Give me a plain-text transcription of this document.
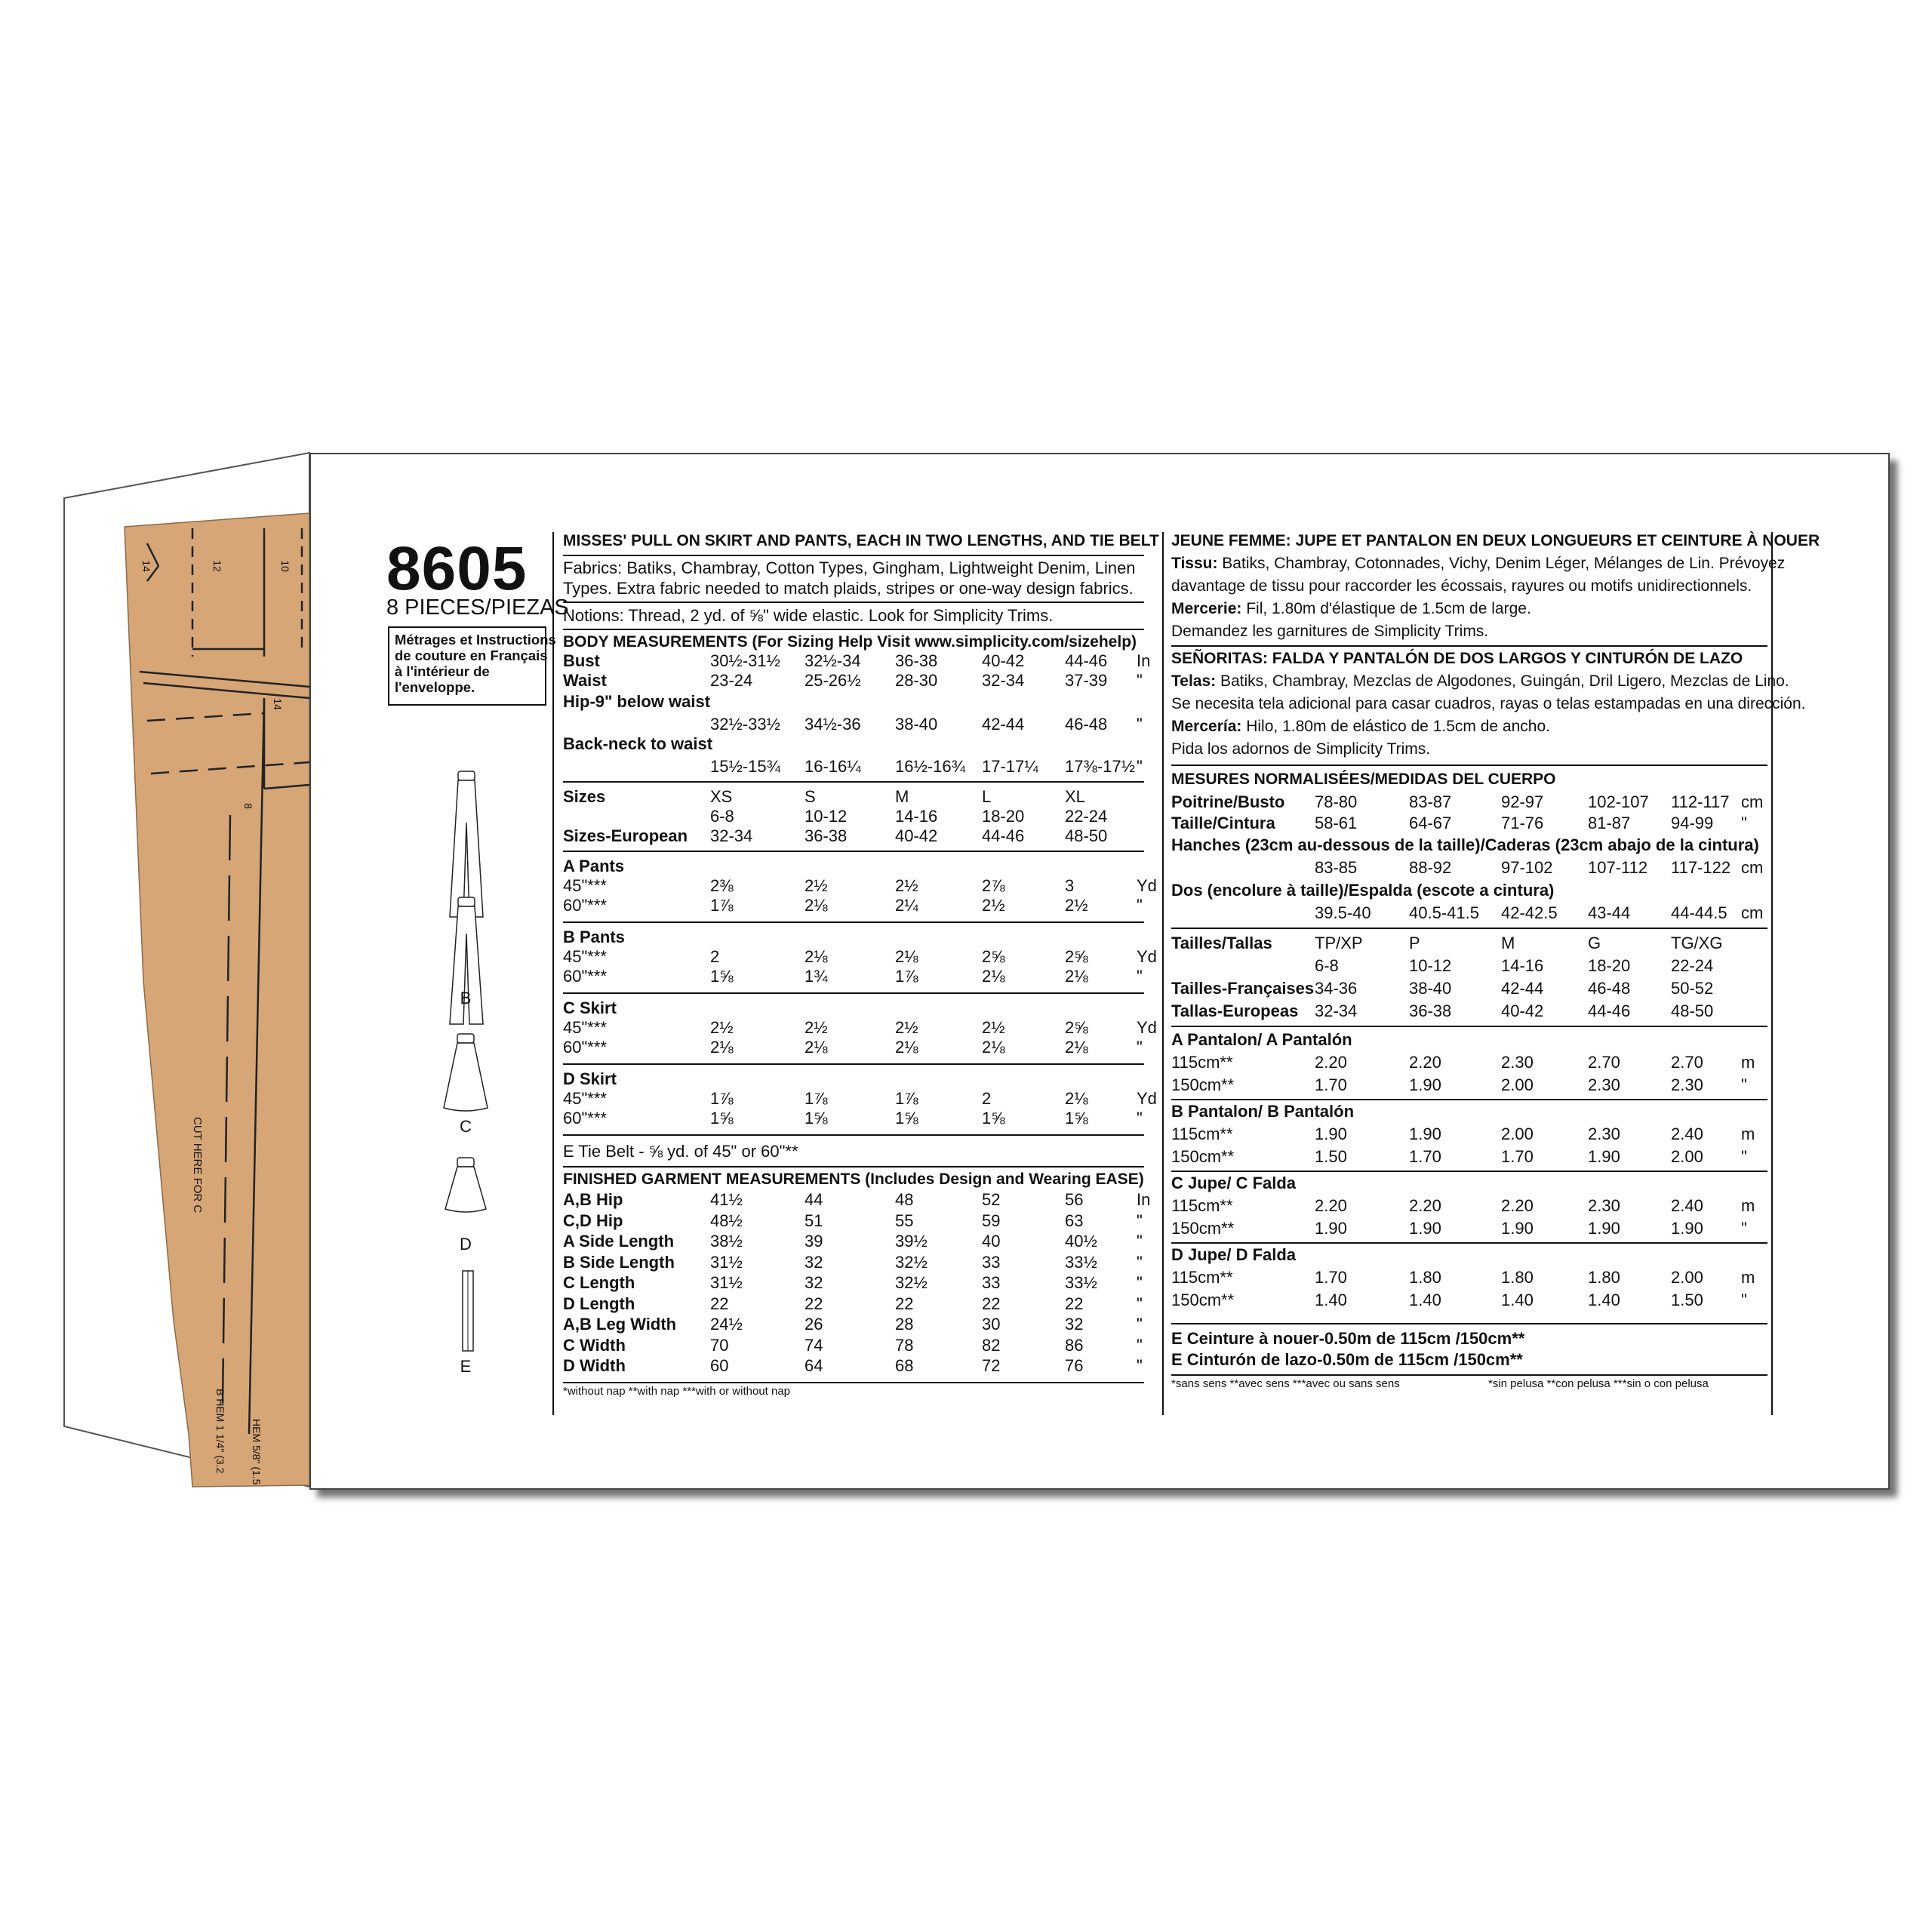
14	12	10
14
8
CUT HERE FOR C
B HEM 1 1/4" (3.2 HEM 5/8" (1.5
8605
8 PIECES/PIEZAS
Métrages et Instructions
de couture en Français
à l'intérieur de
l'enveloppe.
B
C
D
E
MISSES' PULL ON SKIRT AND PANTS, EACH IN TWO LENGTHS, AND TIE BELT
Fabrics: Batiks, Chambray, Cotton Types, Gingham, Lightweight Denim, Linen
Types. Extra fabric needed to match plaids, stripes or one-way design fabrics.
Notions: Thread, 2 yd. of ⅝" wide elastic. Look for Simplicity Trims.
BODY MEASUREMENTS (For Sizing Help Visit www.simplicity.com/sizehelp)
Bust	30½-31½ 32½-34 36-38	40-42 44-46 In
Waist	23-24	25-26½ 28-30	32-34 37-39 "
Hip-9" below waist
32½-33½ 34½-36 38-40	42-44 46-48 "
Back-neck to waist
15½-15¾ 16-16¼ 16½-16¾ 17-17¼ 17⅜-17½ "
Sizes	XS	S	M	L	XL
6-8	10-12	14-16	18-20 22-24
Sizes-European 32-34	36-38	40-42	44-46 48-50
A Pants
45"***	2⅜	2½	2½	2⅞	3	Yd
60"***	1⅞	2⅛	2¼	2½	2½	"
B Pants
45"***	2	2⅛	2⅛	2⅝	2⅝	Yd
60"***	1⅝	1¾	1⅞	2⅛	2⅛	"
C Skirt
45"***	2½	2½	2½	2½	2⅝	Yd
60"***	2⅛	2⅛	2⅛	2⅛	2⅛	"
D Skirt
45"***	1⅞	1⅞	1⅞	2	2⅛	Yd
60"***	1⅝	1⅝	1⅝	1⅝	1⅝	"
E Tie Belt - ⅝ yd. of 45" or 60"**
FINISHED GARMENT MEASUREMENTS (Includes Design and Wearing EASE)
A,B Hip	41½	44	48	52	56	In
C,D Hip	48½	51	55	59	63	"
A Side Length 38½	39	39½	40	40½ "
B Side Length 31½	32	32½	33	33½ "
C Length	31½	32	32½	33	33½ "
D Length	22	22	22	22	22	"
A,B Leg Width 24½	26	28	30	32	"
C Width	70	74	78	82	86	"
D Width	60	64	68	72	76	"
*without nap **with nap ***with or without nap
JEUNE FEMME: JUPE ET PANTALON EN DEUX LONGUEURS ET CEINTURE À NOUER
Tissu: Batiks, Chambray, Cotonnades, Vichy, Denim Léger, Mélanges de Lin. Prévoyez
davantage de tissu pour raccorder les écossais, rayures ou motifs unidirectionnels.
Mercerie: Fil, 1.80m d'élastique de 1.5cm de large.
Demandez les garnitures de Simplicity Trims.
SEÑORITAS: FALDA Y PANTALÓN DE DOS LARGOS Y CINTURÓN DE LAZO
Telas: Batiks, Chambray, Mezclas de Algodones, Guingán, Dril Ligero, Mezclas de Lino.
Se necesita tela adicional para casar cuadros, rayas o telas estampadas en una dirección.
Mercería: Hilo, 1.80m de elástico de 1.5cm de ancho.
Pida los adornos de Simplicity Trims.
MESURES NORMALISÉES/MEDIDAS DEL CUERPO
Poitrine/Busto 78-80	83-87	92-97	102-107 112-117 cm
Taille/Cintura 58-61	64-67	71-76	81-87 94-99 "
Hanches (23cm au-dessous de la taille)/Caderas (23cm abajo de la cintura)
83-85	88-92	97-102 107-112 117-122 cm
Dos (encolure à taille)/Espalda (escote a cintura)
39.5-40 40.5-41.5 42-42.5 43-44 44-44.5 cm
Tailles/Tallas	TP/XP	P	M	G	TG/XG
6-8	10-12	14-16	18-20 22-24
Tailles-Françaises 34-36	38-40	42-44	46-48 50-52
Tallas-Europeas 32-34	36-38	40-42	44-46 48-50
A Pantalon/ A Pantalón
115cm**	2.20	2.20	2.30	2.70	2.70 m
150cm**	1.70	1.90	2.00	2.30	2.30 "
B Pantalon/ B Pantalón
115cm**	1.90	1.90	2.00	2.30	2.40 m
150cm**	1.50	1.70	1.70	1.90	2.00 "
C Jupe/ C Falda
115cm**	2.20	2.20	2.20	2.30	2.40 m
150cm**	1.90	1.90	1.90	1.90	1.90 "
D Jupe/ D Falda
115cm**	1.70	1.80	1.80	1.80	2.00 m
150cm**	1.40	1.40	1.40	1.40	1.50 "
E Ceinture à nouer-0.50m de 115cm /150cm**
E Cinturón de lazo-0.50m de 115cm /150cm**
*sans sens **avec sens ***avec ou sans sens	*sin pelusa **con pelusa ***sin o con pelusa
